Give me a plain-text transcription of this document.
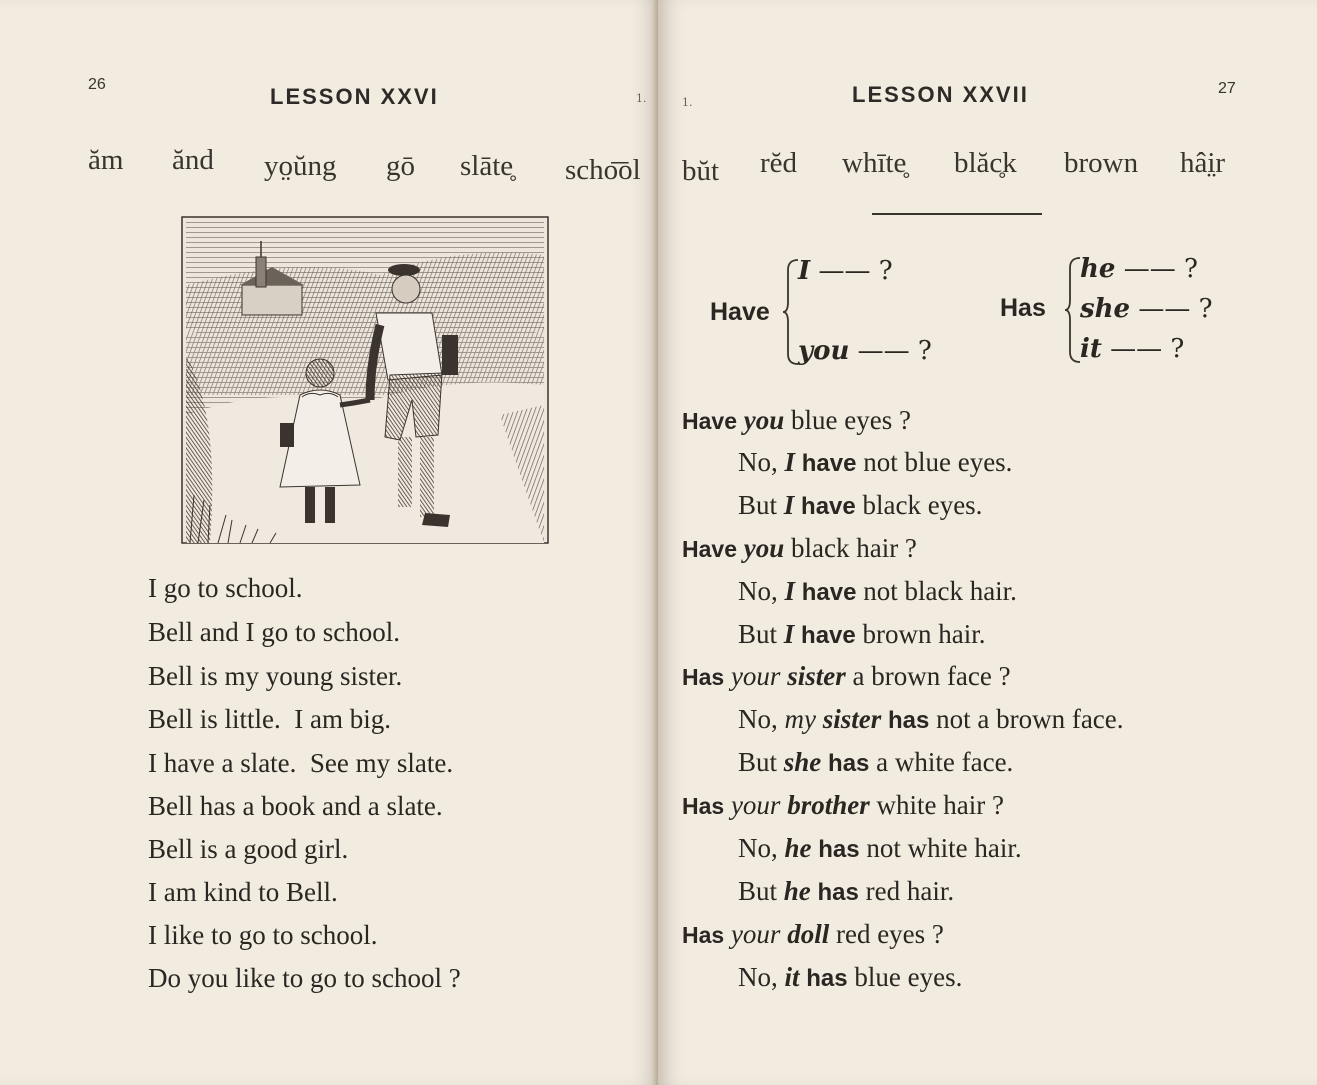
26	LESSON XXVI	1.
ăm ănd yo̤ŭng gō slāte̥ scho͞ol
I go to school.
Bell and I go to school.
Bell is my young sister.
Bell is little.  I am big.
I have a slate.  See my slate.
Bell has a book and a slate.
Bell is a good girl.
I am kind to Bell.
I like to go to school.
Do you like to go to school ?
1.	LESSON XXVII	27
bŭt rĕd whīte̥ blăc̥k brown hâi̤r
Have
I —— ?
you —— ?
Has
he —— ?
she —— ?
it —— ?
Have you blue eyes ?
No, I have not blue eyes.
But I have black eyes.
Have you black hair ?
No, I have not black hair.
But I have brown hair.
Has your sister a brown face ?
No, my sister has not a brown face.
But she has a white face.
Has your brother white hair ?
No, he has not white hair.
But he has red hair.
Has your doll red eyes ?
No, it has blue eyes.
